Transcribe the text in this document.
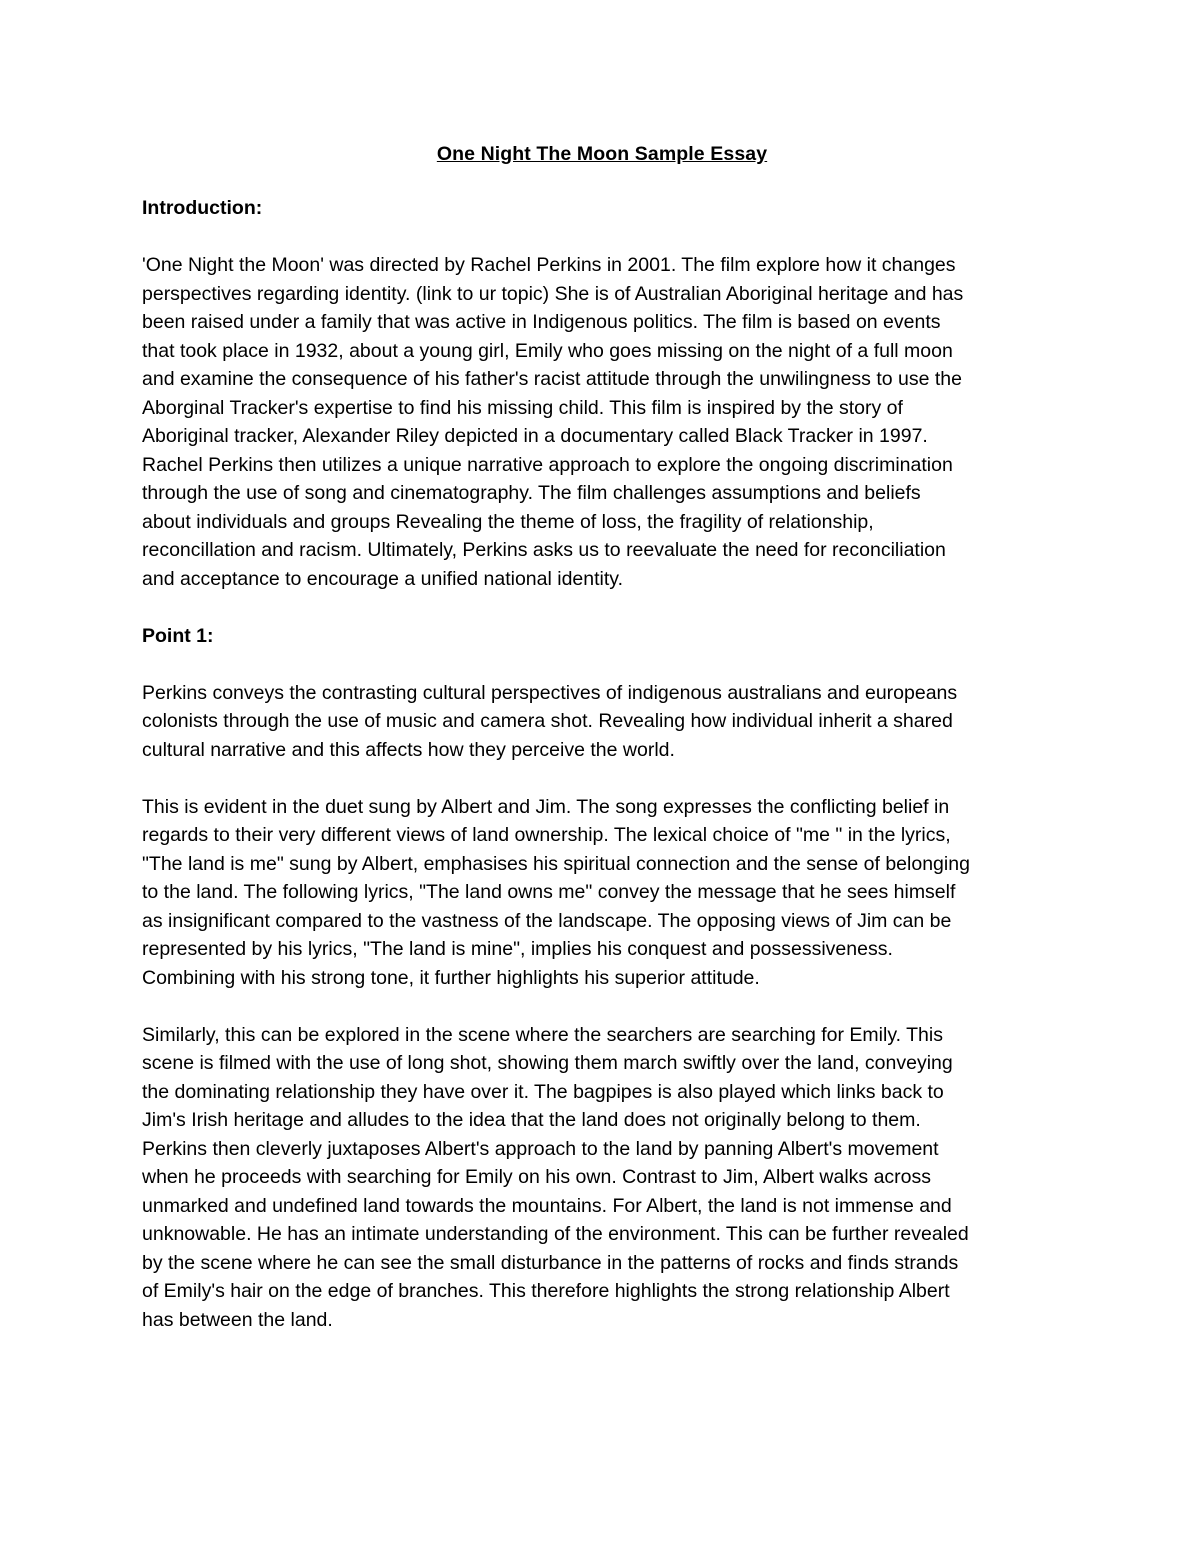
One Night The Moon Sample Essay
Introduction:
'One Night the Moon' was directed by Rachel Perkins in 2001. The film explore how it changes
perspectives regarding identity. (link to ur topic) She is of Australian Aboriginal heritage and has
been raised under a family that was active in Indigenous politics. The film is based on events
that took place in 1932, about a young girl, Emily who goes missing on the night of a full moon
and examine the consequence of his father's racist attitude through the unwilingness to use the
Aborginal Tracker's expertise to find his missing child. This film is inspired by the story of
Aboriginal tracker, Alexander Riley depicted in a documentary called Black Tracker in 1997.
Rachel Perkins then utilizes a unique narrative approach to explore the ongoing discrimination
through the use of song and cinematography. The film challenges assumptions and beliefs
about individuals and groups Revealing the theme of loss, the fragility of relationship,
reconcillation and racism. Ultimately, Perkins asks us to reevaluate the need for reconciliation
and acceptance to encourage a unified national identity.
Point 1:
Perkins conveys the contrasting cultural perspectives of indigenous australians and europeans
colonists through the use of music and camera shot. Revealing how individual inherit a shared
cultural narrative and this affects how they perceive the world.
This is evident in the duet sung by Albert and Jim. The song expresses the conflicting belief in
regards to their very different views of land ownership. The lexical choice of "me " in the lyrics,
"The land is me" sung by Albert, emphasises his spiritual connection and the sense of belonging
to the land. The following lyrics, "The land owns me" convey the message that he sees himself
as insignificant compared to the vastness of the landscape. The opposing views of Jim can be
represented by his lyrics, "The land is mine", implies his conquest and possessiveness.
Combining with his strong tone, it further highlights his superior attitude.
Similarly, this can be explored in the scene where the searchers are searching for Emily. This
scene is filmed with the use of long shot, showing them march swiftly over the land, conveying
the dominating relationship they have over it. The bagpipes is also played which links back to
Jim's Irish heritage and alludes to the idea that the land does not originally belong to them.
Perkins then cleverly juxtaposes Albert's approach to the land by panning Albert's movement
when he proceeds with searching for Emily on his own. Contrast to Jim, Albert walks across
unmarked and undefined land towards the mountains. For Albert, the land is not immense and
unknowable. He has an intimate understanding of the environment. This can be further revealed
by the scene where he can see the small disturbance in the patterns of rocks and finds strands
of Emily's hair on the edge of branches. This therefore highlights the strong relationship Albert
has between the land.
